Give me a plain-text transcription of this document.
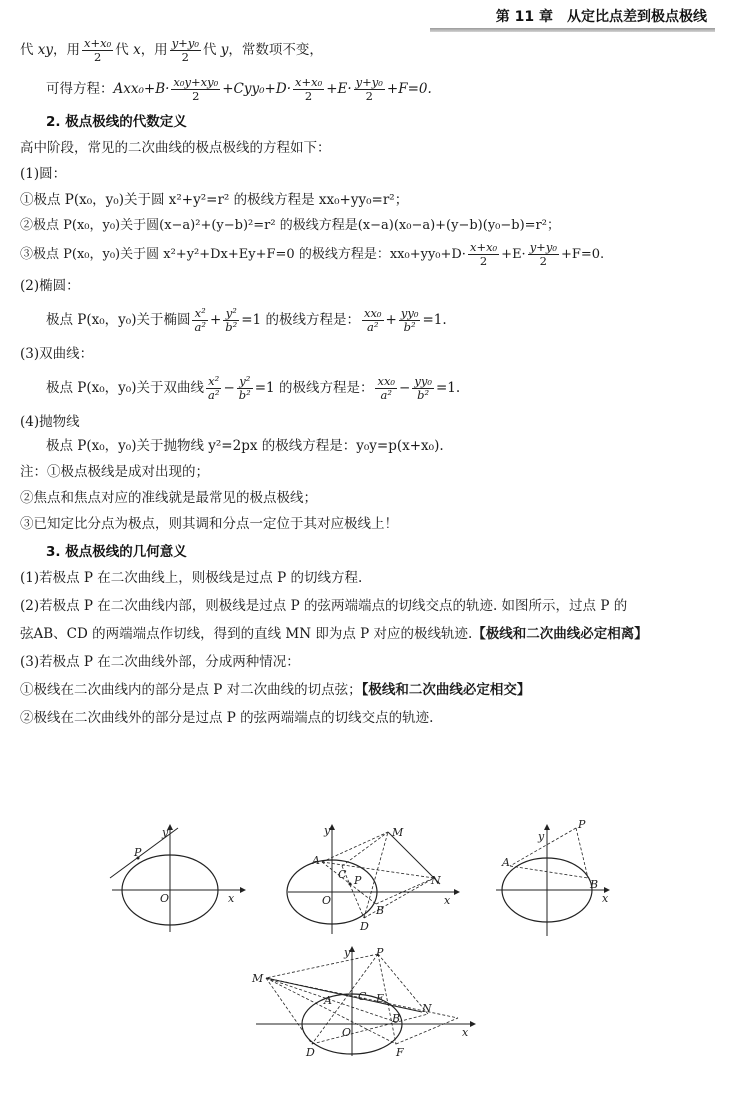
第 11 章　从定比点差到极点极线
代 xy，用 $\frac{\text{x+x₀}}{2}$ 代 x，用 $\frac{\text{y+y₀}}{2}$ 代 y，常数项不变，
可得方程：$Axx_0+B\cdot \frac{\text{x₀y+xy₀}}{2} +Cyy_0+D\cdot \frac{\text{x+x₀}}{2} +E\cdot \frac{\text{y+y₀}}{2} +F=0$.
2. 极点极线的代数定义
高中阶段，常见的二次曲线的极点极线的方程如下：
(1)圆：
①极点 P(x₀，y₀)关于圆 x²+y²=r² 的极线方程是 xx₀+yy₀=r²；
②极点 P(x₀，y₀)关于圆(x−a)²+(y−b)²=r² 的极线方程是(x−a)(x₀−a)+(y−b)(y₀−b)=r²；
③极点 P(x₀，y₀)关于圆 x²+y²+Dx+Ey+F=0 的极线方程是：$xx_0+yy_0+D\cdot \frac{\text{x+x₀}}{2} +E\cdot \frac{\text{y+y₀}}{2} +F=0$.
(2)椭圆：
极点 P(x₀，y₀)关于椭圆 $\frac{\text{x²}}{\text{a²}} + \frac{\text{y²}}{\text{b²}} =1$ 的极线方程是： $\frac{\text{xx₀}}{\text{a²}} + \frac{\text{yy₀}}{\text{b²}} =1$.
(3)双曲线：
极点 P(x₀，y₀)关于双曲线 $\frac{\text{x²}}{\text{a²}} - \frac{\text{y²}}{\text{b²}} =1$ 的极线方程是： $\frac{\text{xx₀}}{\text{a²}} - \frac{\text{yy₀}}{\text{b²}} =1$.
(4)抛物线
极点 P(x₀，y₀)关于抛物线 y²=2px 的极线方程是：y₀y=p(x+x₀).
注：①极点极线是成对出现的；
②焦点和焦点对应的准线就是最常见的极点极线；
③已知定比分点为极点，则其调和分点一定位于其对应极线上！
3. 极点极线的几何意义
(1)若极点 P 在二次曲线上，则极线是过点 P 的切线方程.
(2)若极点 P 在二次曲线内部，则极线是过点 P 的弦两端端点的切线交点的轨迹. 如图所示，过点 P 的
弦AB、CD 的两端端点作切线，得到的直线 MN 即为点 P 对应的极线轨迹.【极线和二次曲线必定相离】
(3)若极点 P 在二次曲线外部，分成两种情况：
①极线在二次曲线内的部分是点 P 对二次曲线的切点弦；【极线和二次曲线必定相交】
②极线在二次曲线外的部分是过点 P 的弦两端端点的切线交点的轨迹.
y
x
P
O
y
x
M
N
A
B
C
D
P
O
y
x
P
A
B
y
x
P
M
N
A
B
C
D
E
F
O
